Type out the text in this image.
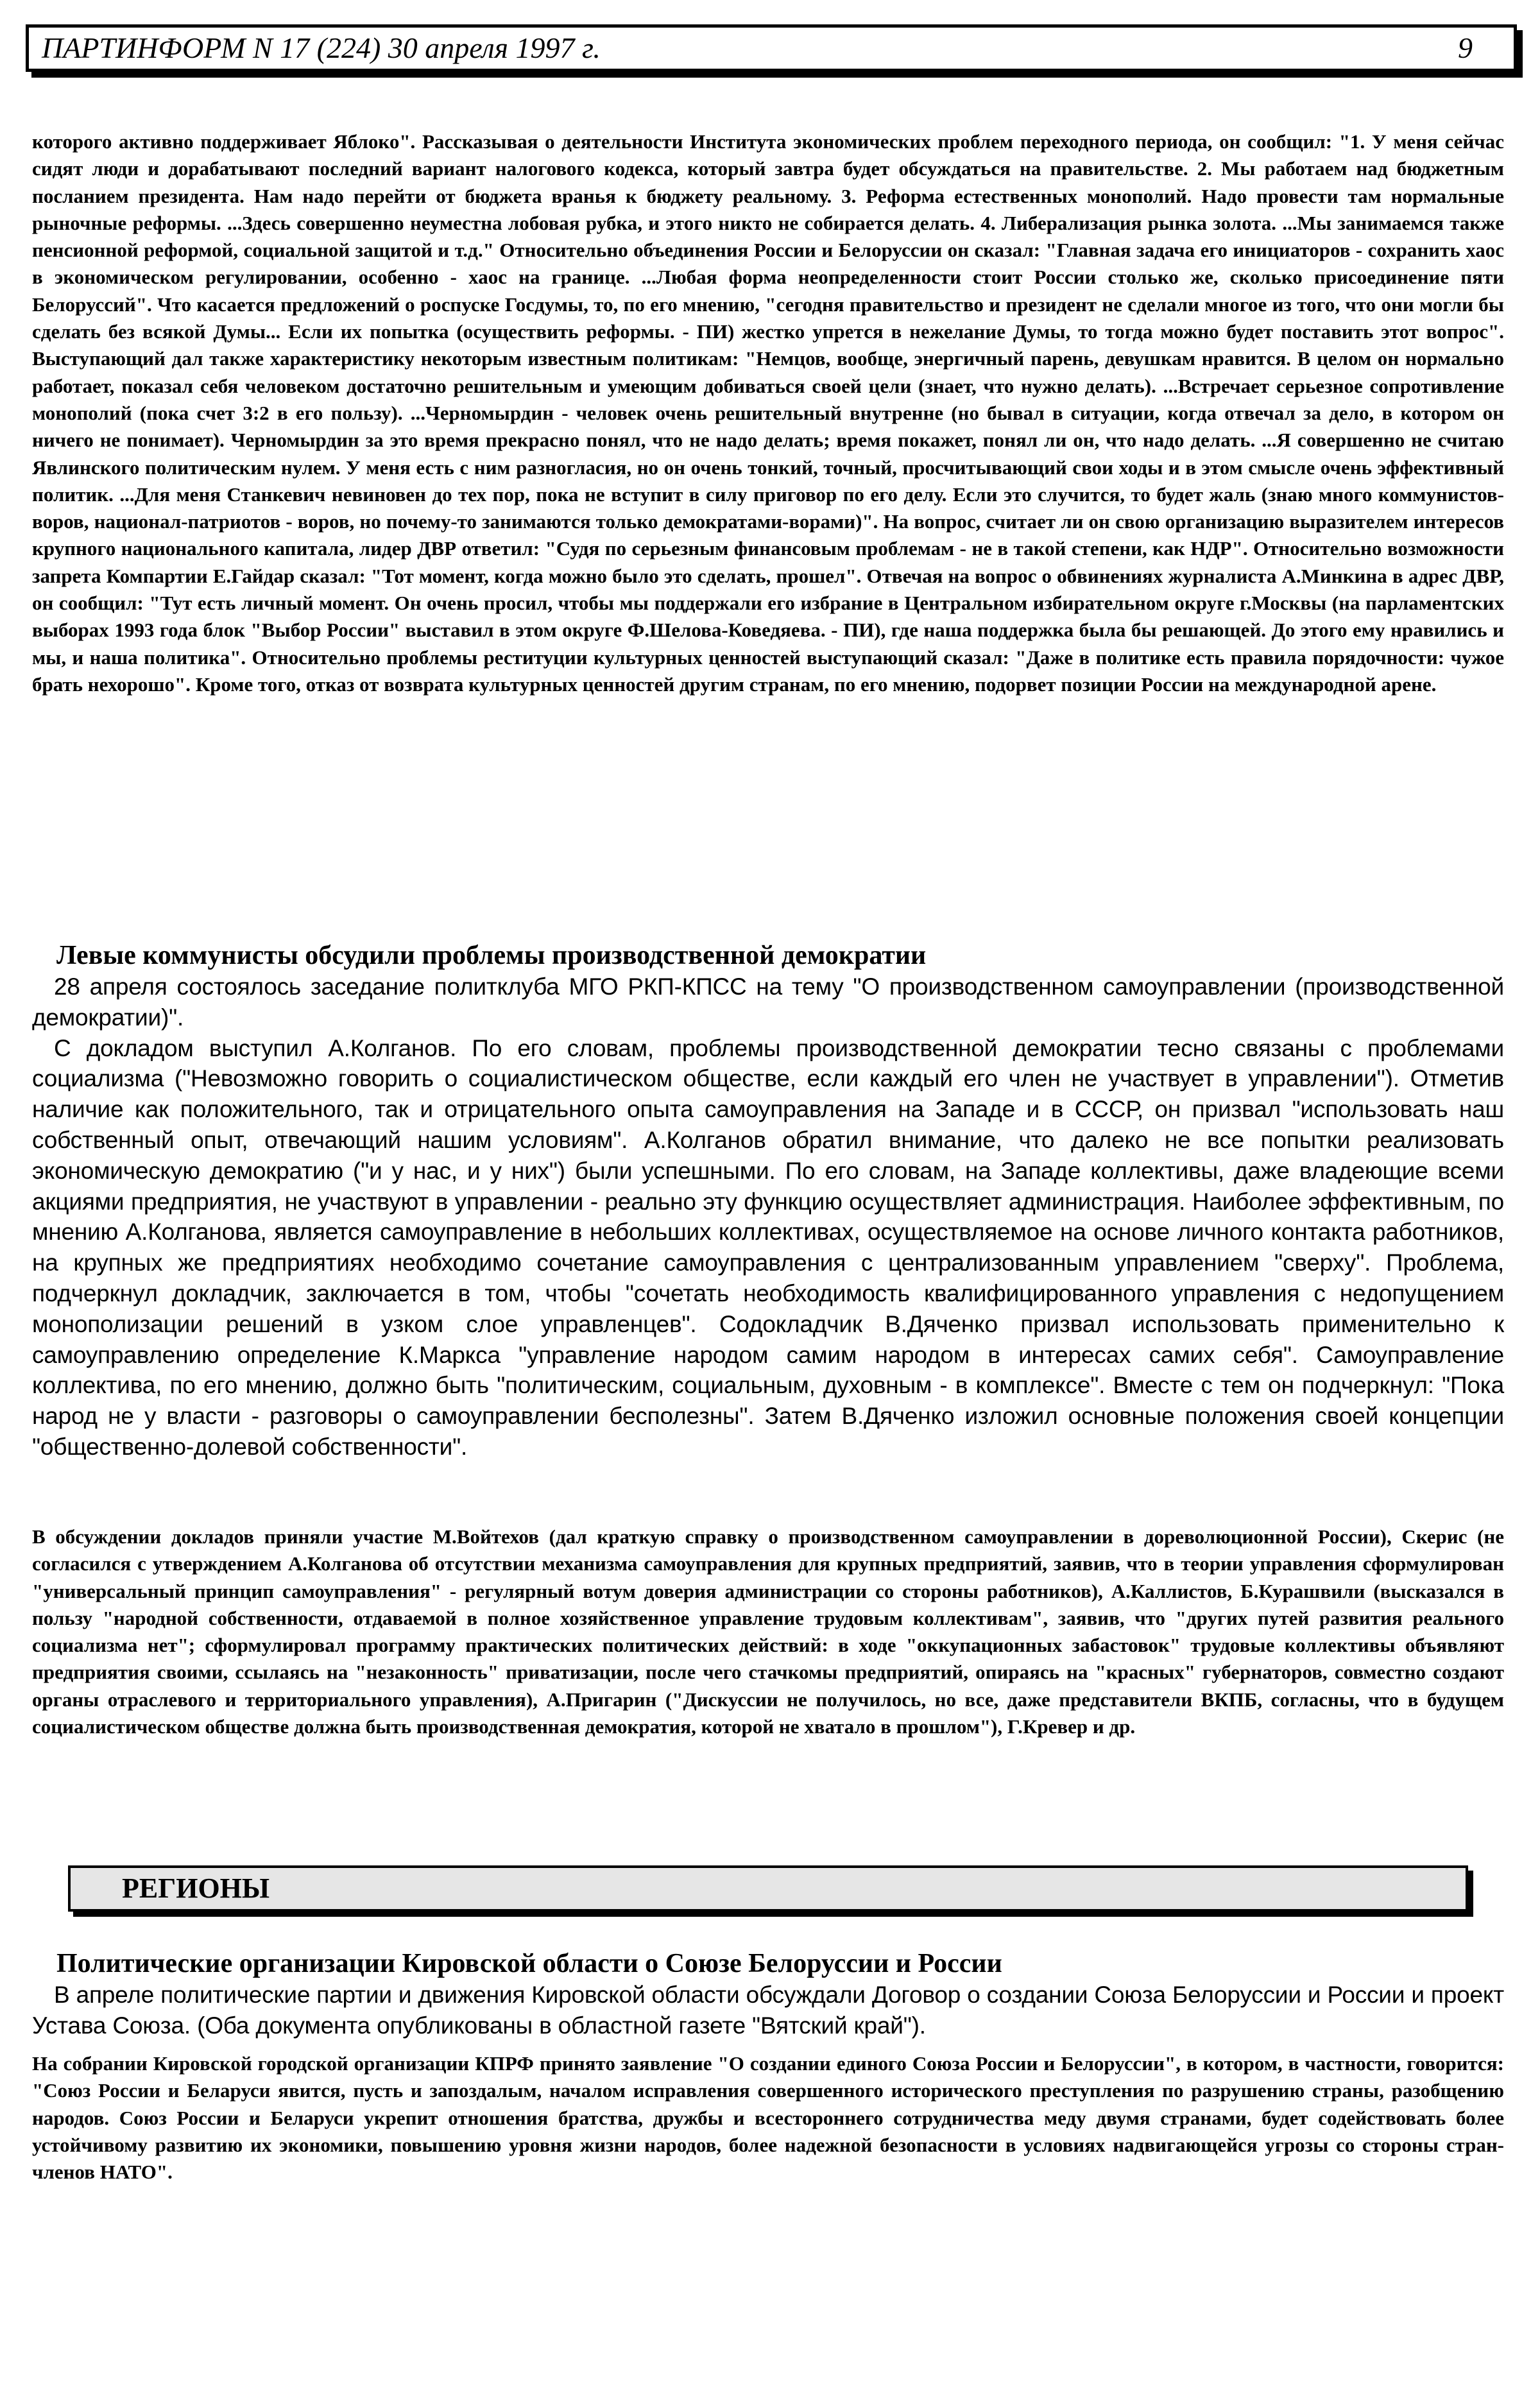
ПАРТИНФОРМ N 17 (224) 30 апреля 1997 г.	9

которого активно поддерживает Яблоко". Рассказывая о деятельности Института экономических проблем переходного периода, он сообщил: "1. У меня сейчас сидят люди и дорабатывают последний вариант налогового кодекса, который завтра будет обсуждаться на правительстве. 2. Мы работаем над бюджетным посланием президента. Нам надо перейти от бюджета вранья к бюджету реальному. 3. Реформа естественных монополий. Надо провести там нормальные рыночные реформы. ...Здесь совершенно неуместна лобовая рубка, и этого никто не собирается делать. 4. Либерализация рынка золота. ...Мы занимаемся также пенсионной реформой, социальной защитой и т.д." Относительно объединения России и Белоруссии он сказал: "Главная задача его инициаторов - сохранить хаос в экономическом регулировании, особенно - хаос на границе. ...Любая форма неопределенности стоит России столько же, сколько присоединение пяти Белоруссий". Что касается предложений о роспуске Госдумы, то, по его мнению, "сегодня правительство и президент не сделали многое из того, что они могли бы сделать без всякой Думы... Если их попытка (осуществить реформы. - ПИ) жестко упрется в нежелание Думы, то тогда можно будет поставить этот вопрос". Выступающий дал также характеристику некоторым известным политикам: "Немцов, вообще, энергичный парень, девушкам нравится. В целом он нормально работает, показал себя человеком достаточно решительным и умеющим добиваться своей цели (знает, что нужно делать). ...Встречает серьезное сопротивление монополий (пока счет 3:2 в его пользу). ...Черномырдин - человек очень решительный внутренне (но бывал в ситуации, когда отвечал за дело, в котором он ничего не понимает). Черномырдин за это время прекрасно понял, что не надо делать; время покажет, понял ли он, что надо делать. ...Я совершенно не считаю Явлинского политическим нулем. У меня есть с ним разногласия, но он очень тонкий, точный, просчитывающий свои ходы и в этом смысле очень эффективный политик. ...Для меня Станкевич невиновен до тех пор, пока не вступит в силу приговор по его делу. Если это случится, то будет жаль (знаю много коммунистов-воров, национал-патриотов - воров, но почему-то занимаются только демократами-ворами)". На вопрос, считает ли он свою организацию выразителем интересов крупного национального капитала, лидер ДВР ответил: "Судя по серьезным финансовым проблемам - не в такой степени, как НДР". Относительно возможности запрета Компартии Е.Гайдар сказал: "Тот момент, когда можно было это сделать, прошел". Отвечая на вопрос о обвинениях журналиста А.Минкина в адрес ДВР, он сообщил: "Тут есть личный момент. Он очень просил, чтобы мы поддержали его избрание в Центральном избирательном округе г.Москвы (на парламентских выборах 1993 года блок "Выбор России" выставил в этом округе Ф.Шелова-Коведяева. - ПИ), где наша поддержка была бы решающей. До этого ему нравились и мы, и наша политика". Относительно проблемы реституции культурных ценностей выступающий сказал: "Даже в политике есть правила порядочности: чужое брать нехорошо". Кроме того, отказ от возврата культурных ценностей другим странам, по его мнению, подорвет позиции России на международной арене.

Левые коммунисты обсудили проблемы производственной демократии

28 апреля состоялось заседание политклуба МГО РКП-КПСС на тему "О производственном самоуправлении (производственной демократии)".

С докладом выступил А.Колганов. По его словам, проблемы производственной демократии тесно связаны с проблемами социализма ("Невозможно говорить о социалистическом обществе, если каждый его член не участвует в управлении"). Отметив наличие как положительного, так и отрицательного опыта самоуправления на Западе и в СССР, он призвал "использовать наш собственный опыт, отвечающий нашим условиям". А.Колганов обратил внимание, что далеко не все попытки реализовать экономическую демократию ("и у нас, и у них") были успешными. По его словам, на Западе коллективы, даже владеющие всеми акциями предприятия, не участвуют в управлении - реально эту функцию осуществляет администрация. Наиболее эффективным, по мнению А.Колганова, является самоуправление в небольших коллективах, осуществляемое на основе личного контакта работников, на крупных же предприятиях необходимо сочетание самоуправления с централизованным управлением "сверху". Проблема, подчеркнул докладчик, заключается в том, чтобы "сочетать необходимость квалифицированного управления с недопущением монополизации решений в узком слое управленцев". Содокладчик В.Дяченко призвал использовать применительно к самоуправлению определение К.Маркса "управление народом самим народом в интересах самих себя". Самоуправление коллектива, по его мнению, должно быть "политическим, социальным, духовным - в комплексе". Вместе с тем он подчеркнул: "Пока народ не у власти - разговоры о самоуправлении бесполезны". Затем В.Дяченко изложил основные положения своей концепции "общественно-долевой собственности".

В обсуждении докладов приняли участие М.Войтехов (дал краткую справку о производственном самоуправлении в дореволюционной России), Скерис (не согласился с утверждением А.Колганова об отсутствии механизма самоуправления для крупных предприятий, заявив, что в теории управления сформулирован "универсальный принцип самоуправления" - регулярный вотум доверия администрации со стороны работников), А.Каллистов, Б.Курашвили (высказался в пользу "народной собственности, отдаваемой в полное хозяйственное управление трудовым коллективам", заявив, что "других путей развития реального социализма нет"; сформулировал программу практических политических действий: в ходе "оккупационных забастовок" трудовые коллективы объявляют предприятия своими, ссылаясь на "незаконность" приватизации, после чего стачкомы предприятий, опираясь на "красных" губернаторов, совместно создают органы отраслевого и территориального управления), А.Пригарин ("Дискуссии не получилось, но все, даже представители ВКПБ, согласны, что в будущем социалистическом обществе должна быть производственная демократия, которой не хватало в прошлом"), Г.Кревер и др.

РЕГИОНЫ
Политические организации Кировской области о Союзе Белоруссии и России

В апреле политические партии и движения Кировской области обсуждали Договор о создании Союза Белоруссии и России и проект Устава Союза. (Оба документа опубликованы в областной газете "Вятский край").

На собрании Кировской городской организации КПРФ принято заявление "О создании единого Союза России и Белоруссии", в котором, в частности, говорится: "Союз России и Беларуси явится, пусть и запоздалым, началом исправления совершенного исторического преступления по разрушению страны, разобщению народов. Союз России и Беларуси укрепит отношения братства, дружбы и всестороннего сотрудничества меду двумя странами, будет содействовать более устойчивому развитию их экономики, повышению уровня жизни народов, более надежной безопасности в условиях надвигающейся угрозы со стороны стран-членов НАТО".
